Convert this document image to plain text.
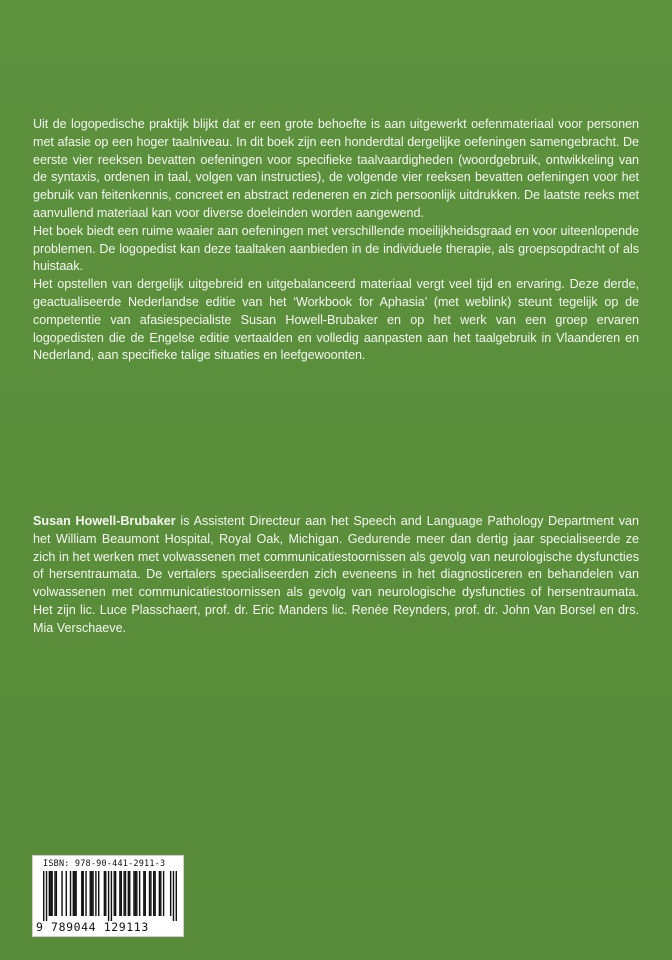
Uit de logopedische praktijk blijkt dat er een grote behoefte is aan uitgewerkt oefenmateriaal voor personen met afasie op een hoger taalniveau. In dit boek zijn een honderdtal dergelijke oefeningen samengebracht. De eerste vier reeksen bevatten oefeningen voor specifieke taalvaardigheden (woordgebruik, ontwikkeling van de syntaxis, ordenen in taal, volgen van instructies), de volgende vier reeksen bevatten oefeningen voor het gebruik van feitenkennis, concreet en abstract redeneren en zich persoonlijk uitdrukken. De laatste reeks met aanvullend materiaal kan voor diverse doeleinden worden aangewend.

Het boek biedt een ruime waaier aan oefeningen met verschillende moeilijkheidsgraad en voor uiteenlopende problemen. De logopedist kan deze taaltaken aanbieden in de individuele therapie, als groepsopdracht of als huistaak.

Het opstellen van dergelijk uitgebreid en uitgebalanceerd materiaal vergt veel tijd en ervaring. Deze derde, geactualiseerde Nederlandse editie van het ‘Workbook for Aphasia’ (met weblink) steunt tegelijk op de competentie van afasiespecialiste Susan Howell-Brubaker en op het werk van een groep ervaren logopedisten die de Engelse editie vertaalden en volledig aanpasten aan het taalgebruik in Vlaanderen en Nederland, aan specifieke talige situaties en leefgewoonten.

Susan Howell-Brubaker is Assistent Directeur aan het Speech and Language Pathology Department van het William Beaumont Hospital, Royal Oak, Michigan. Gedurende meer dan dertig jaar specialiseerde ze zich in het werken met volwassenen met communicatiestoornissen als gevolg van neurologische dysfuncties of hersentraumata. De vertalers specialiseerden zich eveneens in het diagnosticeren en behandelen van volwassenen met communicatiestoornissen als gevolg van neurologische dysfuncties of hersentraumata. Het zijn lic. Luce Plasschaert, prof. dr. Eric Manders lic. Renée Reynders, prof. dr. John Van Borsel en drs. Mia Verschaeve.

ISBN: 978-90-441-2911-3
9 789044 129113
